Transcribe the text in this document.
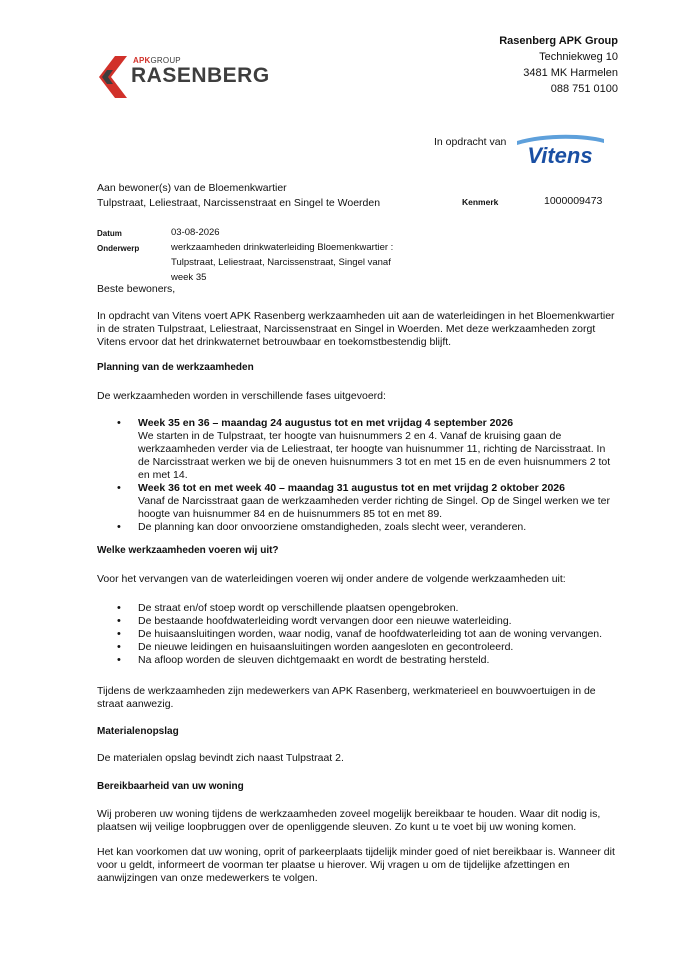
Rasenberg APK Group
Techniekweg 10
3481 MK Harmelen
088 751 0100
APKGROUP
RASENBERG
In opdracht van
Vitens
Aan bewoner(s) van de Bloemenkwartier
Tulpstraat, Leliestraat, Narcissenstraat en Singel te Woerden	Kenmerk	1000009473
Datum	03-08-2026
Onderwerp	werkzaamheden drinkwaterleiding Bloemenkwartier :
Tulpstraat, Leliestraat, Narcissenstraat, Singel vanaf
week 35
Beste bewoners,
In opdracht van Vitens voert APK Rasenberg werkzaamheden uit aan de waterleidingen in het Bloemenkwartier in de straten Tulpstraat, Leliestraat, Narcissenstraat en Singel in Woerden. Met deze werkzaamheden zorgt Vitens ervoor dat het drinkwaternet betrouwbaar en toekomstbestendig blijft.
Planning van de werkzaamheden
De werkzaamheden worden in verschillende fases uitgevoerd:
• Week 35 en 36 – maandag 24 augustus tot en met vrijdag 4 september 2026
We starten in de Tulpstraat, ter hoogte van huisnummers 2 en 4. Vanaf de kruising gaan de werkzaamheden verder via de Leliestraat, ter hoogte van huisnummer 11, richting de Narcisstraat. In de Narcisstraat werken we bij de oneven huisnummers 3 tot en met 15 en de even huisnummers 2 tot en met 14.
• Week 36 tot en met week 40 – maandag 31 augustus tot en met vrijdag 2 oktober 2026
Vanaf de Narcisstraat gaan de werkzaamheden verder richting de Singel. Op de Singel werken we ter hoogte van huisnummer 84 en de huisnummers 85 tot en met 89.
• De planning kan door onvoorziene omstandigheden, zoals slecht weer, veranderen.
Welke werkzaamheden voeren wij uit?
Voor het vervangen van de waterleidingen voeren wij onder andere de volgende werkzaamheden uit:
• De straat en/of stoep wordt op verschillende plaatsen opengebroken.
• De bestaande hoofdwaterleiding wordt vervangen door een nieuwe waterleiding.
• De huisaansluitingen worden, waar nodig, vanaf de hoofdwaterleiding tot aan de woning vervangen.
• De nieuwe leidingen en huisaansluitingen worden aangesloten en gecontroleerd.
• Na afloop worden de sleuven dichtgemaakt en wordt de bestrating hersteld.
Tijdens de werkzaamheden zijn medewerkers van APK Rasenberg, werkmaterieel en bouwvoertuigen in de straat aanwezig.
Materialenopslag
De materialen opslag bevindt zich naast Tulpstraat 2.
Bereikbaarheid van uw woning
Wij proberen uw woning tijdens de werkzaamheden zoveel mogelijk bereikbaar te houden. Waar dit nodig is, plaatsen wij veilige loopbruggen over de openliggende sleuven. Zo kunt u te voet bij uw woning komen.
Het kan voorkomen dat uw woning, oprit of parkeerplaats tijdelijk minder goed of niet bereikbaar is. Wanneer dit voor u geldt, informeert de voorman ter plaatse u hierover. Wij vragen u om de tijdelijke afzettingen en aanwijzingen van onze medewerkers te volgen.
